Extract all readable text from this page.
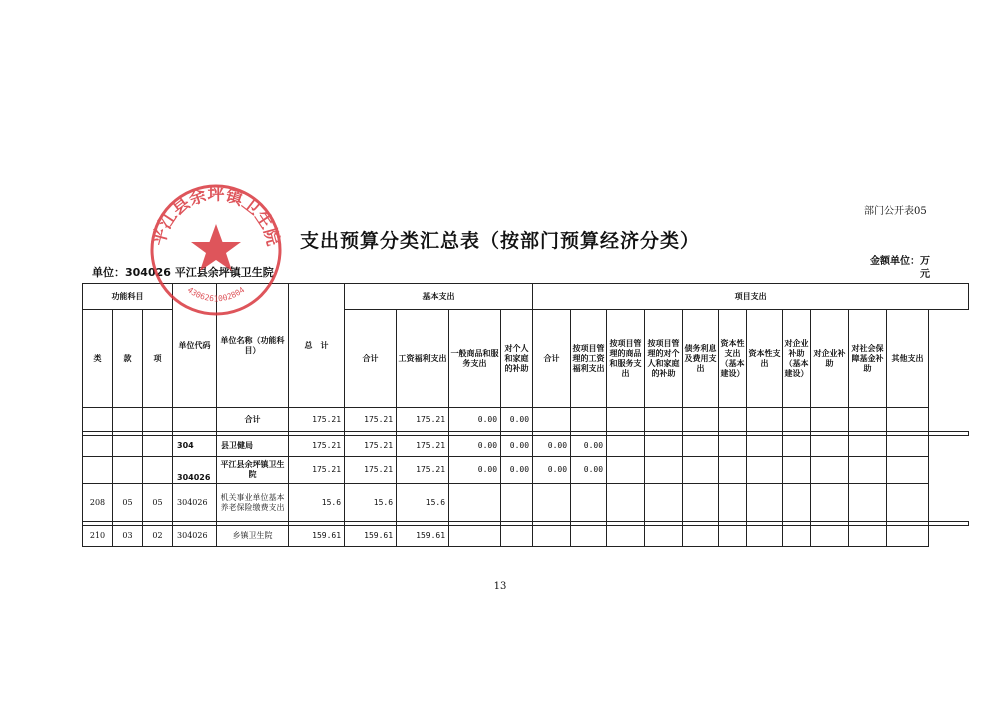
部门公开表05
支出预算分类汇总表（按部门预算经济分类）
单位：304026 平江县余坪镇卫生院
金额单位：万
元
功能科目			单位代码	单位名称（功能科目）	总　计	基本支出				项目支出											
类	款	项				合计	工资福利支出	一般商品和服务支出	对个人和家庭的补助	合计	按项目管理的工资福利支出	按项目管理的商品和服务支出	按项目管理的对个人和家庭的补助	债务利息及费用支出	资本性支出（基本建设）	资本性支出	对企业补助（基本建设）	对企业补助	对社会保障基金补助	其他支出	
				合计	175.21	175.21	175.21	0.00	0.00												

			304	县卫健局	175.21	175.21	175.21	0.00	0.00	0.00	0.00										
			304026	平江县余坪镇卫生院	175.21	175.21	175.21	0.00	0.00	0.00	0.00										
208	05	05	304026	机关事业单位基本养老保险缴费支出	15.6	15.6	15.6														

210	03	02	304026	乡镇卫生院	159.61	159.61	159.61														
平江县余坪镇卫生院
4306261002804
13
